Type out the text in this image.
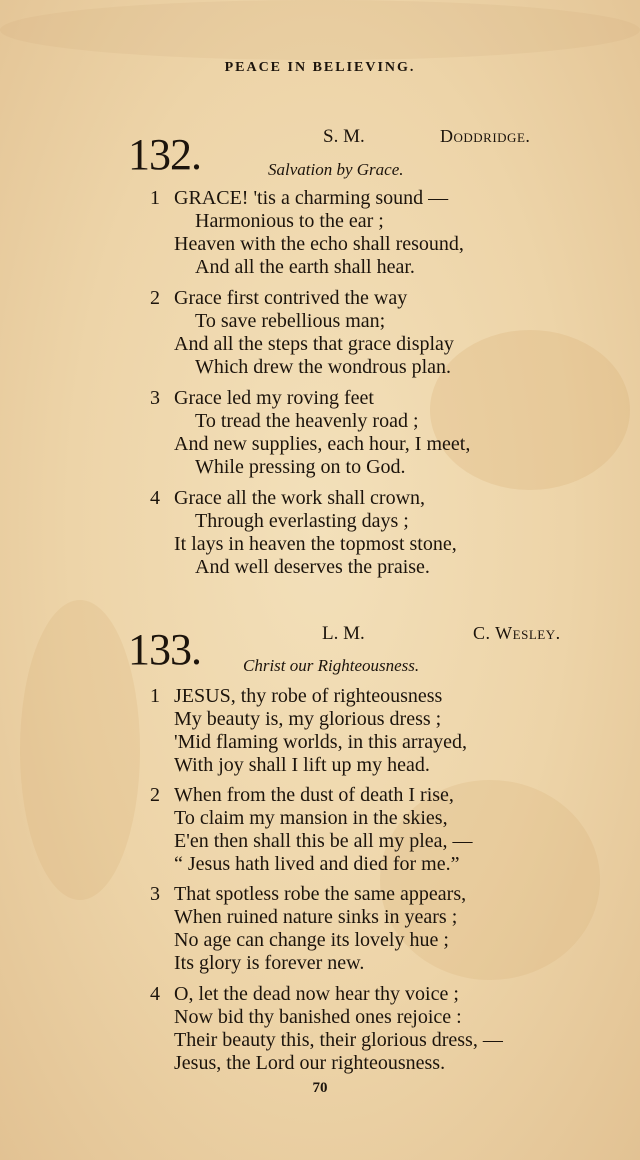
PEACE IN BELIEVING.
132.	S. M.	Doddridge.
Salvation by Grace.
1 GRACE! 'tis a charming sound —
Harmonious to the ear ;
Heaven with the echo shall resound,
And all the earth shall hear.
2 Grace first contrived the way
To save rebellious man;
And all the steps that grace display
Which drew the wondrous plan.
3 Grace led my roving feet
To tread the heavenly road ;
And new supplies, each hour, I meet,
While pressing on to God.
4 Grace all the work shall crown,
Through everlasting days ;
It lays in heaven the topmost stone,
And well deserves the praise.
133.	L. M.	C. Wesley.
Christ our Righteousness.
1 JESUS, thy robe of righteousness
My beauty is, my glorious dress ;
'Mid flaming worlds, in this arrayed,
With joy shall I lift up my head.
2 When from the dust of death I rise,
To claim my mansion in the skies,
E'en then shall this be all my plea, —
“ Jesus hath lived and died for me.”
3 That spotless robe the same appears,
When ruined nature sinks in years ;
No age can change its lovely hue ;
Its glory is forever new.
4 O, let the dead now hear thy voice ;
Now bid thy banished ones rejoice :
Their beauty this, their glorious dress, —
Jesus, the Lord our righteousness.
70
